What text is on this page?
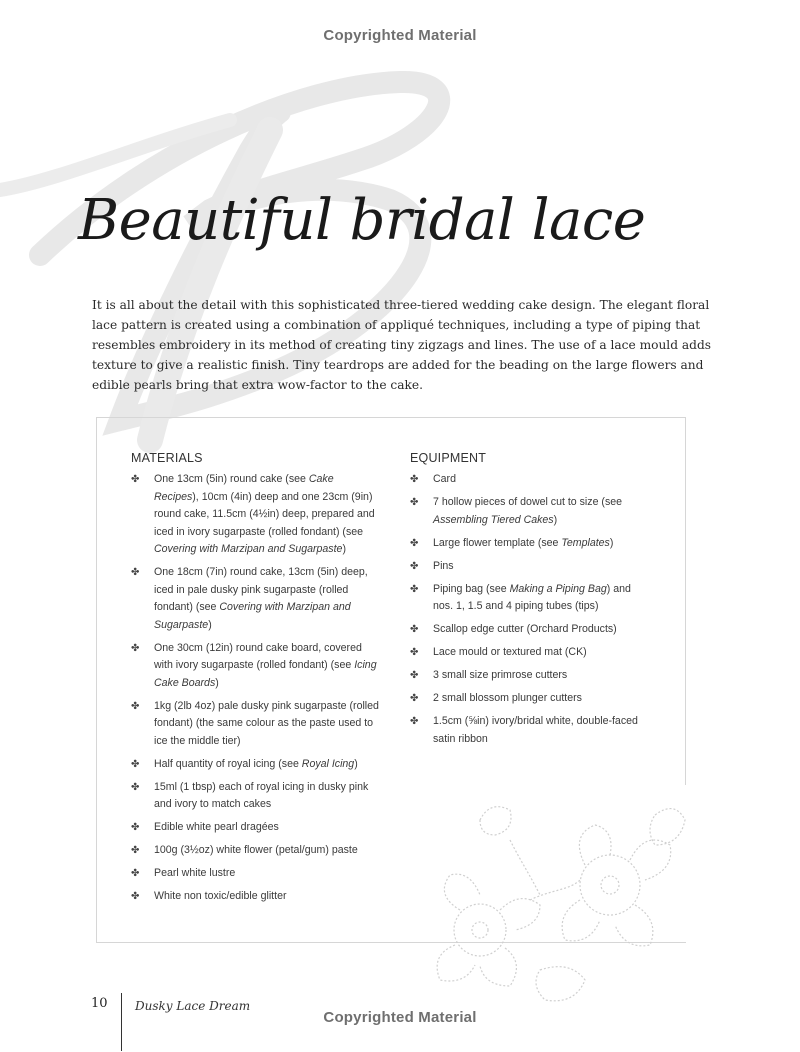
Copyrighted Material
Beautiful bridal lace

It is all about the detail with this sophisticated three-tiered wedding cake design. The elegant floral lace pattern is created using a combination of appliqué techniques, including a type of piping that resembles embroidery in its method of creating tiny zigzags and lines. The use of a lace mould adds texture to give a realistic finish. Tiny teardrops are added for the beading on the large flowers and edible pearls bring that extra wow-factor to the cake.

MATERIALS
✤ One 13cm (5in) round cake (see Cake Recipes), 10cm (4in) deep and one 23cm (9in) round cake, 11.5cm (4½in) deep, prepared and iced in ivory sugarpaste (rolled fondant) (see Covering with Marzipan and Sugarpaste)
✤ One 18cm (7in) round cake, 13cm (5in) deep, iced in pale dusky pink sugarpaste (rolled fondant) (see Covering with Marzipan and Sugarpaste)
✤ One 30cm (12in) round cake board, covered with ivory sugarpaste (rolled fondant) (see Icing Cake Boards)
✤ 1kg (2lb 4oz) pale dusky pink sugarpaste (rolled fondant) (the same colour as the paste used to ice the middle tier)
✤ Half quantity of royal icing (see Royal Icing)
✤ 15ml (1 tbsp) each of royal icing in dusky pink and ivory to match cakes
✤ Edible white pearl dragées
✤ 100g (3½oz) white flower (petal/gum) paste
✤ Pearl white lustre
✤ White non toxic/edible glitter
EQUIPMENT
✤ Card
✤ 7 hollow pieces of dowel cut to size (see Assembling Tiered Cakes)
✤ Large flower template (see Templates)
✤ Pins
✤ Piping bag (see Making a Piping Bag) and nos. 1, 1.5 and 4 piping tubes (tips)
✤ Scallop edge cutter (Orchard Products)
✤ Lace mould or textured mat (CK)
✤ 3 small size primrose cutters
✤ 2 small blossom plunger cutters
✤ 1.5cm (⅝in) ivory/bridal white, double-faced satin ribbon
10 Dusky Lace Dream
Copyrighted Material
